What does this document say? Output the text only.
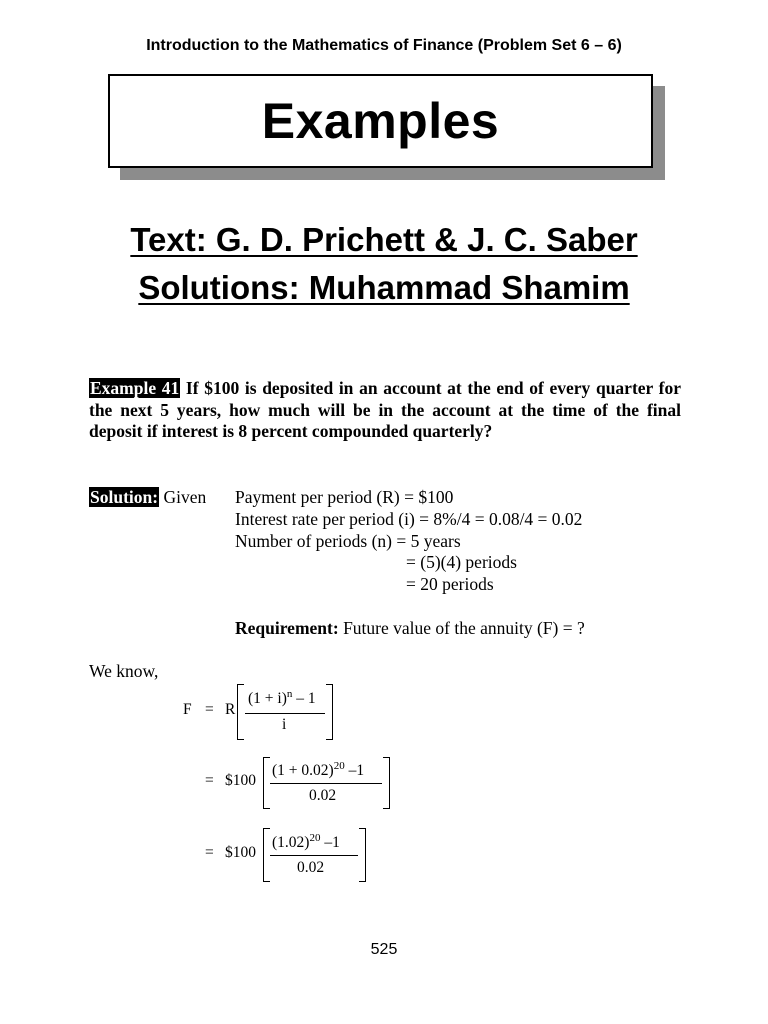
Introduction to the Mathematics of Finance (Problem Set 6 – 6)
Examples
Text: G. D. Prichett & J. C. Saber
Solutions: Muhammad Shamim
Example 41 If $100 is deposited in an account at the end of every quarter for the next 5 years, how much will be in the account at the time of the final deposit if interest is 8 percent compounded quarterly?
Solution: Given Payment per period (R) = $100
Interest rate per period (i) = 8%/4 = 0.08/4 = 0.02
Number of periods (n) = 5 years
= (5)(4) periods
= 20 periods
Requirement: Future value of the annuity (F) = ?
We know,
F = R
$(1 + i)^n - 1$
i
= $100
$(1 + 0.02)^{20}$ –1
0.02
= $100
$(1.02)^{20}$ –1
0.02
525
